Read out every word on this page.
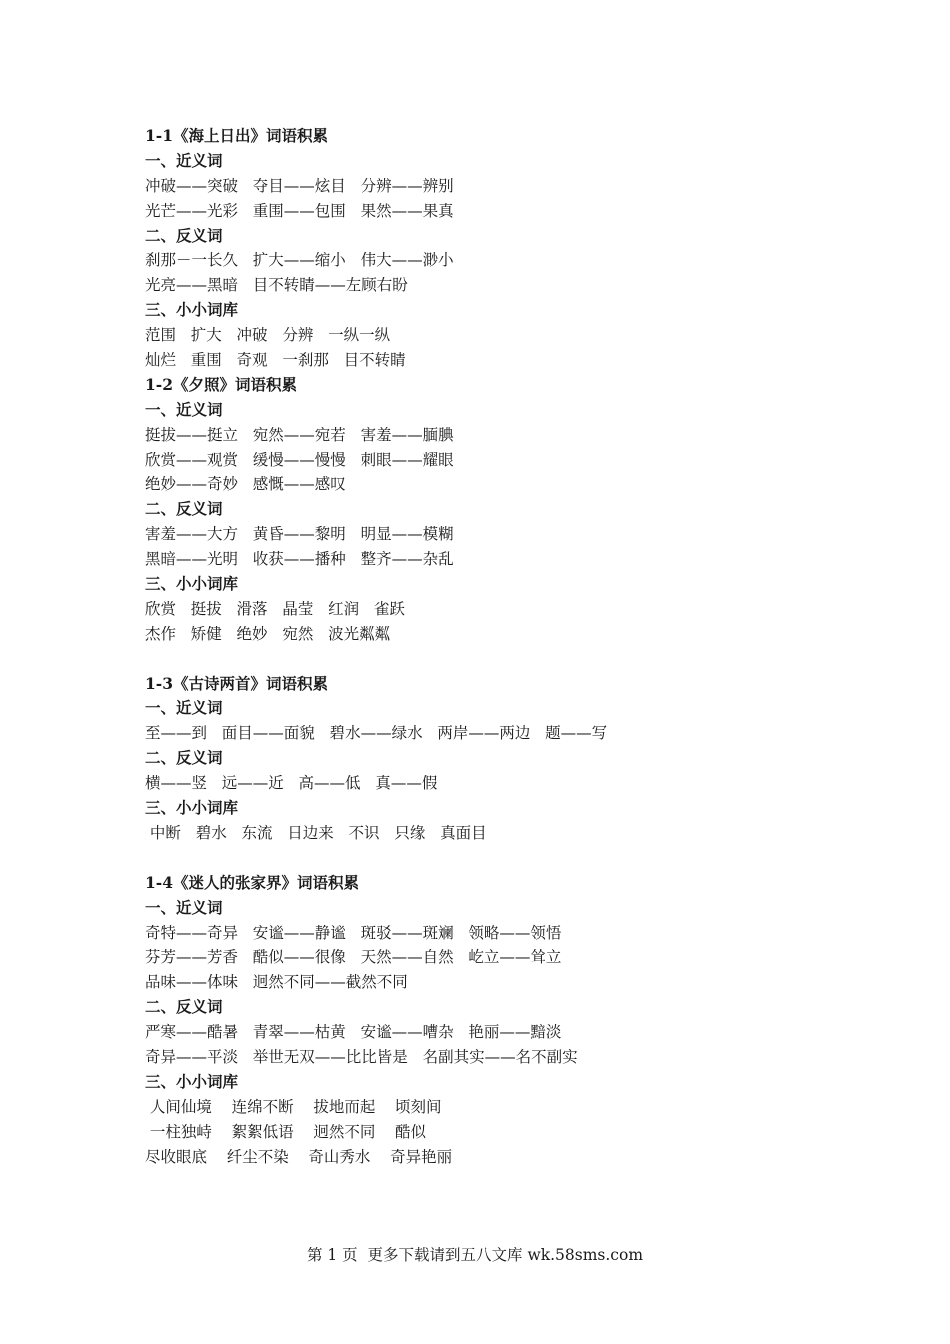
1-1《海上日出》词语积累
一、近义词
冲破——突破   夺目——炫目   分辨——辨别
光芒——光彩   重围——包围   果然——果真
二、反义词
刹那－一长久   扩大——缩小   伟大——渺小
光亮——黑暗   目不转睛——左顾右盼
三、小小词库
范围   扩大   冲破   分辨   一纵一纵
灿烂   重围   奇观   一刹那   目不转睛
1-2《夕照》词语积累
一、近义词
挺拔——挺立   宛然——宛若   害羞——腼腆
欣赏——观赏   缓慢——慢慢   刺眼——耀眼
绝妙——奇妙   感慨——感叹
二、反义词
害羞——大方   黄昏——黎明   明显——模糊
黑暗——光明   收获——播种   整齐——杂乱
三、小小词库
欣赏   挺拔   滑落   晶莹   红润   雀跃
杰作   矫健   绝妙   宛然   波光粼粼
1-3《古诗两首》词语积累
一、近义词
至——到   面目——面貌   碧水——绿水   两岸——两边   题——写
二、反义词
横——竖   远——近   高——低   真——假
三、小小词库
中断   碧水   东流   日边来   不识   只缘   真面目
1-4《迷人的张家界》词语积累
一、近义词
奇特——奇异   安谧——静谧   斑驳——斑斓   领略——领悟
芬芳——芳香   酷似——很像   天然——自然   屹立——耸立
品味——体味   迥然不同——截然不同
二、反义词
严寒——酷暑   青翠——枯黄   安谧——嘈杂   艳丽——黯淡
奇异——平淡   举世无双——比比皆是   名副其实——名不副实
三、小小词库
人间仙境    连绵不断    拔地而起    顷刻间
一柱独峙    絮絮低语    迥然不同    酷似
尽收眼底    纤尘不染    奇山秀水    奇异艳丽
第 1 页  更多下载请到五八文库 wk.58sms.com
